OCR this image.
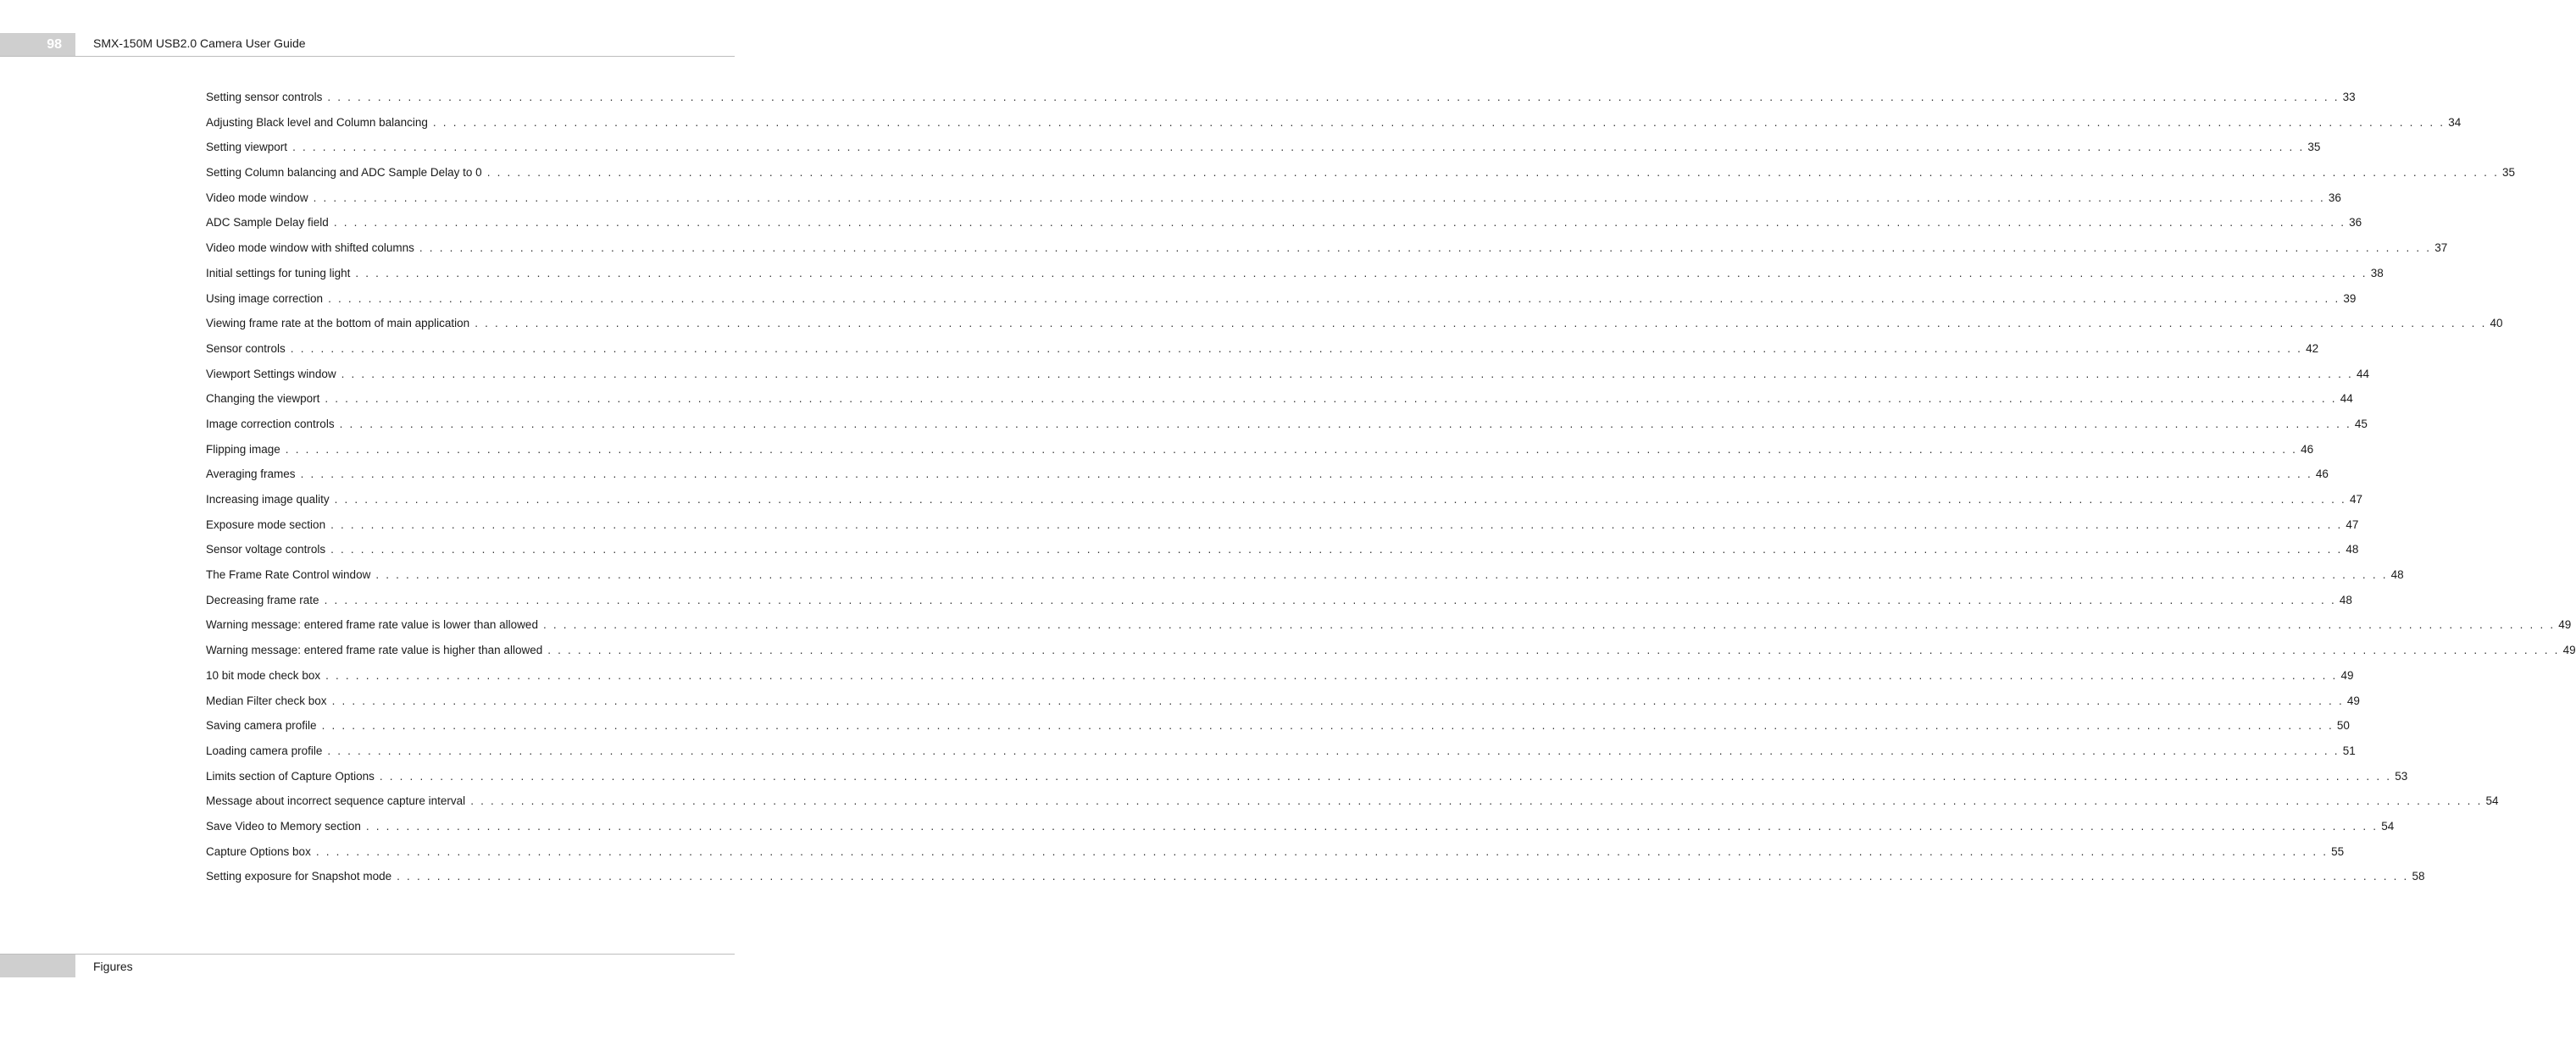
98	SMX-150M USB2.0 Camera User Guide
Setting sensor controls . . . . . . . . . . . . . . . . . . . . . . . . . . . . . . . . . . . . . . . . . . . . . . . . . . . . . . . . . . . . . . . . . . . . . . . . . . . . . . . . . . . . . . . . . . . . . . . . . . . . . . . . . . . . . . . . . . . . . . . . . . . . . . . . . . . . . . . . . . . . . . . . . . . . . . . . . . . . . . . . . . . . . . . . . . . . . . . . . . . . . . . . . . . . . . . . . . . . . . . . 33
Adjusting Black level and Column balancing . . . . . . . . . . . . . . . . . . . . . . . . . . . . . . . . . . . . . . . . . . . . . . . . . . . . . . . . . . . . . . . . . . . . . . . . . . . . . . . . . . . . . . . . . . . . . . . . . . . . . . . . . . . . . . . . . . . . . . . . . . . . . . . . . . . . . . . . . . . . . . . . . . . . . . . . . . . . . . . . . . . . . . . . . . . . . . . . . . . . . . . . . . . . . . . . . . . . . . . . 34
Setting viewport . . . . . . . . . . . . . . . . . . . . . . . . . . . . . . . . . . . . . . . . . . . . . . . . . . . . . . . . . . . . . . . . . . . . . . . . . . . . . . . . . . . . . . . . . . . . . . . . . . . . . . . . . . . . . . . . . . . . . . . . . . . . . . . . . . . . . . . . . . . . . . . . . . . . . . . . . . . . . . . . . . . . . . . . . . . . . . . . . . . . . . . . . . . . . . . . . . . . . . . . 35
Setting Column balancing and ADC Sample Delay to 0 . . . . . . . . . . . . . . . . . . . . . . . . . . . . . . . . . . . . . . . . . . . . . . . . . . . . . . . . . . . . . . . . . . . . . . . . . . . . . . . . . . . . . . . . . . . . . . . . . . . . . . . . . . . . . . . . . . . . . . . . . . . . . . . . . . . . . . . . . . . . . . . . . . . . . . . . . . . . . . . . . . . . . . . . . . . . . . . . . . . . . . . . . . . . . . . . . . . . . . . . 35
Video mode window . . . . . . . . . . . . . . . . . . . . . . . . . . . . . . . . . . . . . . . . . . . . . . . . . . . . . . . . . . . . . . . . . . . . . . . . . . . . . . . . . . . . . . . . . . . . . . . . . . . . . . . . . . . . . . . . . . . . . . . . . . . . . . . . . . . . . . . . . . . . . . . . . . . . . . . . . . . . . . . . . . . . . . . . . . . . . . . . . . . . . . . . . . . . . . . . . . . . . . . . 36
ADC Sample Delay field . . . . . . . . . . . . . . . . . . . . . . . . . . . . . . . . . . . . . . . . . . . . . . . . . . . . . . . . . . . . . . . . . . . . . . . . . . . . . . . . . . . . . . . . . . . . . . . . . . . . . . . . . . . . . . . . . . . . . . . . . . . . . . . . . . . . . . . . . . . . . . . . . . . . . . . . . . . . . . . . . . . . . . . . . . . . . . . . . . . . . . . . . . . . . . . . . . . . . . . . 36
Video mode window with shifted columns . . . . . . . . . . . . . . . . . . . . . . . . . . . . . . . . . . . . . . . . . . . . . . . . . . . . . . . . . . . . . . . . . . . . . . . . . . . . . . . . . . . . . . . . . . . . . . . . . . . . . . . . . . . . . . . . . . . . . . . . . . . . . . . . . . . . . . . . . . . . . . . . . . . . . . . . . . . . . . . . . . . . . . . . . . . . . . . . . . . . . . . . . . . . . . . . . . . . . . . . 37
Initial settings for tuning light . . . . . . . . . . . . . . . . . . . . . . . . . . . . . . . . . . . . . . . . . . . . . . . . . . . . . . . . . . . . . . . . . . . . . . . . . . . . . . . . . . . . . . . . . . . . . . . . . . . . . . . . . . . . . . . . . . . . . . . . . . . . . . . . . . . . . . . . . . . . . . . . . . . . . . . . . . . . . . . . . . . . . . . . . . . . . . . . . . . . . . . . . . . . . . . . . . . . . . . . 38
Using image correction . . . . . . . . . . . . . . . . . . . . . . . . . . . . . . . . . . . . . . . . . . . . . . . . . . . . . . . . . . . . . . . . . . . . . . . . . . . . . . . . . . . . . . . . . . . . . . . . . . . . . . . . . . . . . . . . . . . . . . . . . . . . . . . . . . . . . . . . . . . . . . . . . . . . . . . . . . . . . . . . . . . . . . . . . . . . . . . . . . . . . . . . . . . . . . . . . . . . . . . . 39
Viewing frame rate at the bottom of main application . . . . . . . . . . . . . . . . . . . . . . . . . . . . . . . . . . . . . . . . . . . . . . . . . . . . . . . . . . . . . . . . . . . . . . . . . . . . . . . . . . . . . . . . . . . . . . . . . . . . . . . . . . . . . . . . . . . . . . . . . . . . . . . . . . . . . . . . . . . . . . . . . . . . . . . . . . . . . . . . . . . . . . . . . . . . . . . . . . . . . . . . . . . . . . . . . . . . . . . . 40
Sensor controls . . . . . . . . . . . . . . . . . . . . . . . . . . . . . . . . . . . . . . . . . . . . . . . . . . . . . . . . . . . . . . . . . . . . . . . . . . . . . . . . . . . . . . . . . . . . . . . . . . . . . . . . . . . . . . . . . . . . . . . . . . . . . . . . . . . . . . . . . . . . . . . . . . . . . . . . . . . . . . . . . . . . . . . . . . . . . . . . . . . . . . . . . . . . . . . . . . . . . . . . 42
Viewport Settings window . . . . . . . . . . . . . . . . . . . . . . . . . . . . . . . . . . . . . . . . . . . . . . . . . . . . . . . . . . . . . . . . . . . . . . . . . . . . . . . . . . . . . . . . . . . . . . . . . . . . . . . . . . . . . . . . . . . . . . . . . . . . . . . . . . . . . . . . . . . . . . . . . . . . . . . . . . . . . . . . . . . . . . . . . . . . . . . . . . . . . . . . . . . . . . . . . . . . . . . . 44
Changing the viewport . . . . . . . . . . . . . . . . . . . . . . . . . . . . . . . . . . . . . . . . . . . . . . . . . . . . . . . . . . . . . . . . . . . . . . . . . . . . . . . . . . . . . . . . . . . . . . . . . . . . . . . . . . . . . . . . . . . . . . . . . . . . . . . . . . . . . . . . . . . . . . . . . . . . . . . . . . . . . . . . . . . . . . . . . . . . . . . . . . . . . . . . . . . . . . . . . . . . . . . . 44
Image correction controls . . . . . . . . . . . . . . . . . . . . . . . . . . . . . . . . . . . . . . . . . . . . . . . . . . . . . . . . . . . . . . . . . . . . . . . . . . . . . . . . . . . . . . . . . . . . . . . . . . . . . . . . . . . . . . . . . . . . . . . . . . . . . . . . . . . . . . . . . . . . . . . . . . . . . . . . . . . . . . . . . . . . . . . . . . . . . . . . . . . . . . . . . . . . . . . . . . . . . . . . 45
Flipping image . . . . . . . . . . . . . . . . . . . . . . . . . . . . . . . . . . . . . . . . . . . . . . . . . . . . . . . . . . . . . . . . . . . . . . . . . . . . . . . . . . . . . . . . . . . . . . . . . . . . . . . . . . . . . . . . . . . . . . . . . . . . . . . . . . . . . . . . . . . . . . . . . . . . . . . . . . . . . . . . . . . . . . . . . . . . . . . . . . . . . . . . . . . . . . . . . . . . . . . . 46
Averaging frames . . . . . . . . . . . . . . . . . . . . . . . . . . . . . . . . . . . . . . . . . . . . . . . . . . . . . . . . . . . . . . . . . . . . . . . . . . . . . . . . . . . . . . . . . . . . . . . . . . . . . . . . . . . . . . . . . . . . . . . . . . . . . . . . . . . . . . . . . . . . . . . . . . . . . . . . . . . . . . . . . . . . . . . . . . . . . . . . . . . . . . . . . . . . . . . . . . . . . . . . 46
Increasing image quality . . . . . . . . . . . . . . . . . . . . . . . . . . . . . . . . . . . . . . . . . . . . . . . . . . . . . . . . . . . . . . . . . . . . . . . . . . . . . . . . . . . . . . . . . . . . . . . . . . . . . . . . . . . . . . . . . . . . . . . . . . . . . . . . . . . . . . . . . . . . . . . . . . . . . . . . . . . . . . . . . . . . . . . . . . . . . . . . . . . . . . . . . . . . . . . . . . . . . . . . 47
Exposure mode section . . . . . . . . . . . . . . . . . . . . . . . . . . . . . . . . . . . . . . . . . . . . . . . . . . . . . . . . . . . . . . . . . . . . . . . . . . . . . . . . . . . . . . . . . . . . . . . . . . . . . . . . . . . . . . . . . . . . . . . . . . . . . . . . . . . . . . . . . . . . . . . . . . . . . . . . . . . . . . . . . . . . . . . . . . . . . . . . . . . . . . . . . . . . . . . . . . . . . . . . 47
Sensor voltage controls . . . . . . . . . . . . . . . . . . . . . . . . . . . . . . . . . . . . . . . . . . . . . . . . . . . . . . . . . . . . . . . . . . . . . . . . . . . . . . . . . . . . . . . . . . . . . . . . . . . . . . . . . . . . . . . . . . . . . . . . . . . . . . . . . . . . . . . . . . . . . . . . . . . . . . . . . . . . . . . . . . . . . . . . . . . . . . . . . . . . . . . . . . . . . . . . . . . . . . . . 48
The Frame Rate Control window . . . . . . . . . . . . . . . . . . . . . . . . . . . . . . . . . . . . . . . . . . . . . . . . . . . . . . . . . . . . . . . . . . . . . . . . . . . . . . . . . . . . . . . . . . . . . . . . . . . . . . . . . . . . . . . . . . . . . . . . . . . . . . . . . . . . . . . . . . . . . . . . . . . . . . . . . . . . . . . . . . . . . . . . . . . . . . . . . . . . . . . . . . . . . . . . . . . . . . . . 48
Decreasing frame rate . . . . . . . . . . . . . . . . . . . . . . . . . . . . . . . . . . . . . . . . . . . . . . . . . . . . . . . . . . . . . . . . . . . . . . . . . . . . . . . . . . . . . . . . . . . . . . . . . . . . . . . . . . . . . . . . . . . . . . . . . . . . . . . . . . . . . . . . . . . . . . . . . . . . . . . . . . . . . . . . . . . . . . . . . . . . . . . . . . . . . . . . . . . . . . . . . . . . . . . . 48
Warning message: entered frame rate value is lower than allowed . . . . . . . . . . . . . . . . . . . . . . . . . . . . . . . . . . . . . . . . . . . . . . . . . . . . . . . . . . . . . . . . . . . . . . . . . . . . . . . . . . . . . . . . . . . . . . . . . . . . . . . . . . . . . . . . . . . . . . . . . . . . . . . . . . . . . . . . . . . . . . . . . . . . . . . . . . . . . . . . . . . . . . . . . . . . . . . . . . . . . . . . . . . . . . . . . . . . . . . . 49
Warning message: entered frame rate value is higher than allowed . . . . . . . . . . . . . . . . . . . . . . . . . . . . . . . . . . . . . . . . . . . . . . . . . . . . . . . . . . . . . . . . . . . . . . . . . . . . . . . . . . . . . . . . . . . . . . . . . . . . . . . . . . . . . . . . . . . . . . . . . . . . . . . . . . . . . . . . . . . . . . . . . . . . . . . . . . . . . . . . . . . . . . . . . . . . . . . . . . . . . . . . . . . . . . . . . . . . . . . . 49
10 bit mode check box . . . . . . . . . . . . . . . . . . . . . . . . . . . . . . . . . . . . . . . . . . . . . . . . . . . . . . . . . . . . . . . . . . . . . . . . . . . . . . . . . . . . . . . . . . . . . . . . . . . . . . . . . . . . . . . . . . . . . . . . . . . . . . . . . . . . . . . . . . . . . . . . . . . . . . . . . . . . . . . . . . . . . . . . . . . . . . . . . . . . . . . . . . . . . . . . . . . . . . . . 49
Median Filter check box . . . . . . . . . . . . . . . . . . . . . . . . . . . . . . . . . . . . . . . . . . . . . . . . . . . . . . . . . . . . . . . . . . . . . . . . . . . . . . . . . . . . . . . . . . . . . . . . . . . . . . . . . . . . . . . . . . . . . . . . . . . . . . . . . . . . . . . . . . . . . . . . . . . . . . . . . . . . . . . . . . . . . . . . . . . . . . . . . . . . . . . . . . . . . . . . . . . . . . . . 49
Saving camera profile . . . . . . . . . . . . . . . . . . . . . . . . . . . . . . . . . . . . . . . . . . . . . . . . . . . . . . . . . . . . . . . . . . . . . . . . . . . . . . . . . . . . . . . . . . . . . . . . . . . . . . . . . . . . . . . . . . . . . . . . . . . . . . . . . . . . . . . . . . . . . . . . . . . . . . . . . . . . . . . . . . . . . . . . . . . . . . . . . . . . . . . . . . . . . . . . . . . . . . . . 50
Loading camera profile . . . . . . . . . . . . . . . . . . . . . . . . . . . . . . . . . . . . . . . . . . . . . . . . . . . . . . . . . . . . . . . . . . . . . . . . . . . . . . . . . . . . . . . . . . . . . . . . . . . . . . . . . . . . . . . . . . . . . . . . . . . . . . . . . . . . . . . . . . . . . . . . . . . . . . . . . . . . . . . . . . . . . . . . . . . . . . . . . . . . . . . . . . . . . . . . . . . . . . . . 51
Limits section of Capture Options . . . . . . . . . . . . . . . . . . . . . . . . . . . . . . . . . . . . . . . . . . . . . . . . . . . . . . . . . . . . . . . . . . . . . . . . . . . . . . . . . . . . . . . . . . . . . . . . . . . . . . . . . . . . . . . . . . . . . . . . . . . . . . . . . . . . . . . . . . . . . . . . . . . . . . . . . . . . . . . . . . . . . . . . . . . . . . . . . . . . . . . . . . . . . . . . . . . . . . . . 53
Message about incorrect sequence capture interval . . . . . . . . . . . . . . . . . . . . . . . . . . . . . . . . . . . . . . . . . . . . . . . . . . . . . . . . . . . . . . . . . . . . . . . . . . . . . . . . . . . . . . . . . . . . . . . . . . . . . . . . . . . . . . . . . . . . . . . . . . . . . . . . . . . . . . . . . . . . . . . . . . . . . . . . . . . . . . . . . . . . . . . . . . . . . . . . . . . . . . . . . . . . . . . . . . . . . . . . 54
Save Video to Memory section . . . . . . . . . . . . . . . . . . . . . . . . . . . . . . . . . . . . . . . . . . . . . . . . . . . . . . . . . . . . . . . . . . . . . . . . . . . . . . . . . . . . . . . . . . . . . . . . . . . . . . . . . . . . . . . . . . . . . . . . . . . . . . . . . . . . . . . . . . . . . . . . . . . . . . . . . . . . . . . . . . . . . . . . . . . . . . . . . . . . . . . . . . . . . . . . . . . . . . . . 54
Capture Options box . . . . . . . . . . . . . . . . . . . . . . . . . . . . . . . . . . . . . . . . . . . . . . . . . . . . . . . . . . . . . . . . . . . . . . . . . . . . . . . . . . . . . . . . . . . . . . . . . . . . . . . . . . . . . . . . . . . . . . . . . . . . . . . . . . . . . . . . . . . . . . . . . . . . . . . . . . . . . . . . . . . . . . . . . . . . . . . . . . . . . . . . . . . . . . . . . . . . . . . . 55
Setting exposure for Snapshot mode . . . . . . . . . . . . . . . . . . . . . . . . . . . . . . . . . . . . . . . . . . . . . . . . . . . . . . . . . . . . . . . . . . . . . . . . . . . . . . . . . . . . . . . . . . . . . . . . . . . . . . . . . . . . . . . . . . . . . . . . . . . . . . . . . . . . . . . . . . . . . . . . . . . . . . . . . . . . . . . . . . . . . . . . . . . . . . . . . . . . . . . . . . . . . . . . . . . . . . . . 58
Figures
